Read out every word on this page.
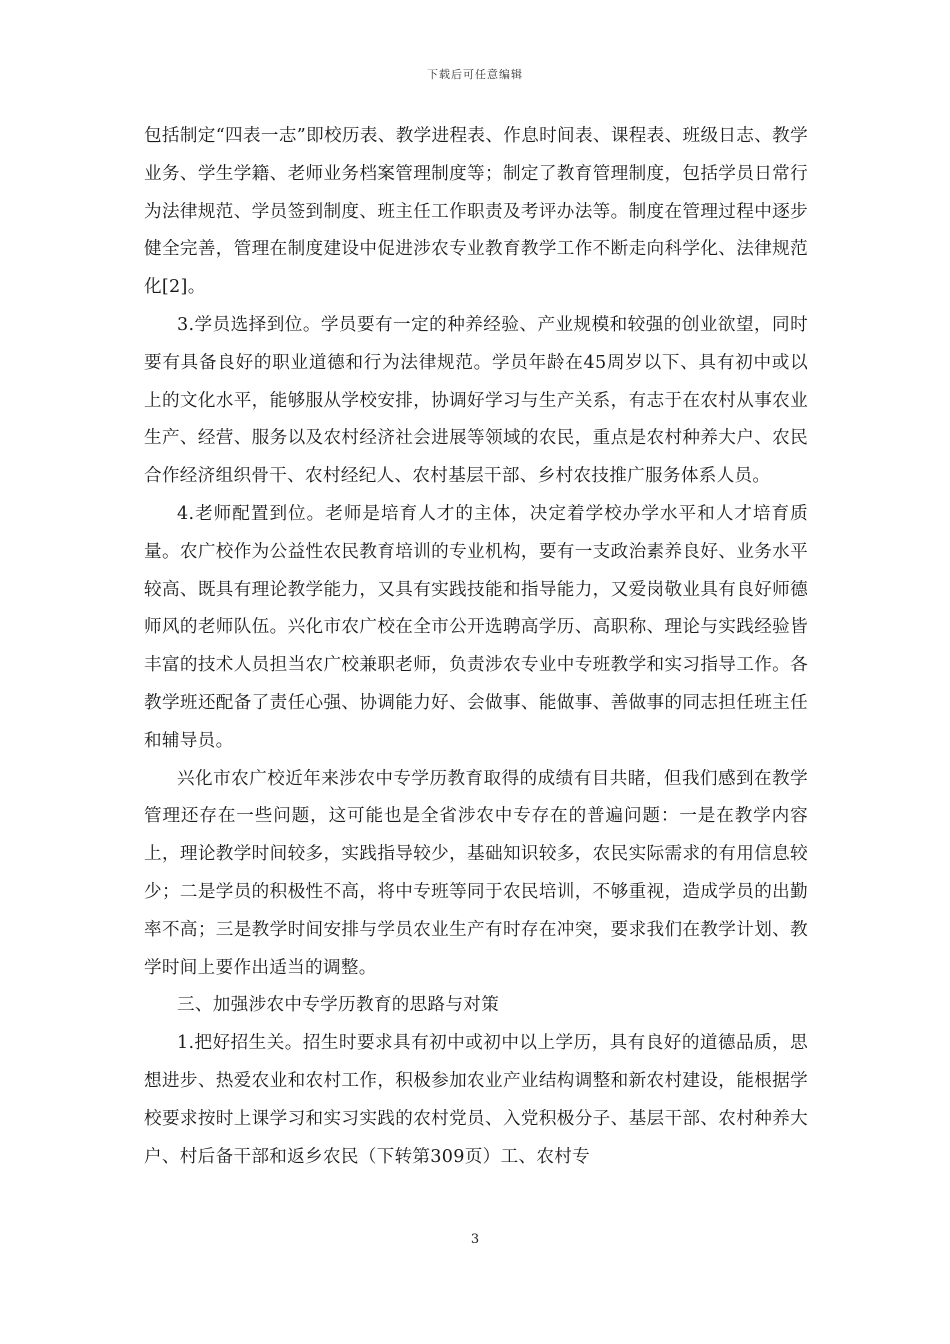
下载后可任意编辑

包括制定“四表一志”即校历表、教学进程表、作息时间表、课程表、班级日志、教学业务、学生学籍、老师业务档案管理制度等；制定了教育管理制度，包括学员日常行为法律规范、学员签到制度、班主任工作职责及考评办法等。制度在管理过程中逐步健全完善，管理在制度建设中促进涉农专业教育教学工作不断走向科学化、法律规范化[2]。

3.学员选择到位。学员要有一定的种养经验、产业规模和较强的创业欲望，同时要有具备良好的职业道德和行为法律规范。学员年龄在45周岁以下、具有初中或以上的文化水平，能够服从学校安排，协调好学习与生产关系，有志于在农村从事农业生产、经营、服务以及农村经济社会进展等领域的农民，重点是农村种养大户、农民合作经济组织骨干、农村经纪人、农村基层干部、乡村农技推广服务体系人员。

4.老师配置到位。老师是培育人才的主体，决定着学校办学水平和人才培育质量。农广校作为公益性农民教育培训的专业机构，要有一支政治素养良好、业务水平较高、既具有理论教学能力，又具有实践技能和指导能力，又爱岗敬业具有良好师德师风的老师队伍。兴化市农广校在全市公开选聘高学历、高职称、理论与实践经验皆丰富的技术人员担当农广校兼职老师，负责涉农专业中专班教学和实习指导工作。各教学班还配备了责任心强、协调能力好、会做事、能做事、善做事的同志担任班主任和辅导员。

兴化市农广校近年来涉农中专学历教育取得的成绩有目共睹，但我们感到在教学管理还存在一些问题，这可能也是全省涉农中专存在的普遍问题：一是在教学内容上，理论教学时间较多，实践指导较少，基础知识较多，农民实际需求的有用信息较少；二是学员的积极性不高，将中专班等同于农民培训，不够重视，造成学员的出勤率不高；三是教学时间安排与学员农业生产有时存在冲突，要求我们在教学计划、教学时间上要作出适当的调整。

三、加强涉农中专学历教育的思路与对策

1.把好招生关。招生时要求具有初中或初中以上学历，具有良好的道德品质，思想进步、热爱农业和农村工作，积极参加农业产业结构调整和新农村建设，能根据学校要求按时上课学习和实习实践的农村党员、入党积极分子、基层干部、农村种养大户、村后备干部和返乡农民（下转第309页）工、农村专

3
